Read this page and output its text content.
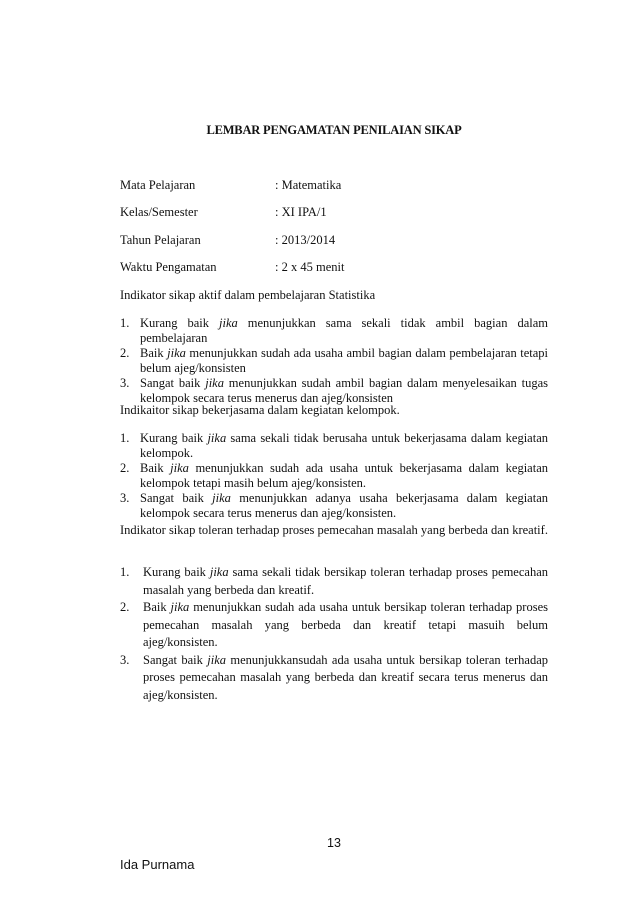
LEMBAR PENGAMATAN PENILAIAN SIKAP
Mata Pelajaran	: Matematika
Kelas/Semester	: XI IPA/1
Tahun Pelajaran	: 2013/2014
Waktu Pengamatan	: 2 x 45 menit
Indikator sikap aktif dalam pembelajaran Statistika
1. Kurang baik jika menunjukkan sama sekali tidak ambil bagian dalam pembelajaran
2. Baik jika menunjukkan sudah ada usaha ambil bagian dalam pembelajaran tetapi belum ajeg/konsisten
3. Sangat baik jika menunjukkan sudah ambil bagian dalam menyelesaikan tugas kelompok secara terus menerus dan ajeg/konsisten
Indikaitor sikap bekerjasama dalam kegiatan kelompok.
1. Kurang baik jika sama sekali tidak berusaha untuk bekerjasama dalam kegiatan kelompok.
2. Baik jika menunjukkan sudah ada usaha untuk bekerjasama dalam kegiatan kelompok tetapi masih belum ajeg/konsisten.
3. Sangat baik jika menunjukkan adanya usaha bekerjasama dalam kegiatan kelompok secara terus menerus dan ajeg/konsisten.
Indikator sikap toleran terhadap proses pemecahan masalah yang berbeda dan kreatif.
1. Kurang baik jika sama sekali tidak bersikap toleran terhadap proses pemecahan masalah yang berbeda dan kreatif.
2. Baik jika menunjukkan sudah ada usaha untuk bersikap toleran terhadap proses pemecahan masalah yang berbeda dan kreatif tetapi masuih belum ajeg/konsisten.
3. Sangat baik jika menunjukkansudah ada usaha untuk bersikap toleran terhadap proses pemecahan masalah yang berbeda dan kreatif secara terus menerus dan ajeg/konsisten.
13
Ida Purnama
